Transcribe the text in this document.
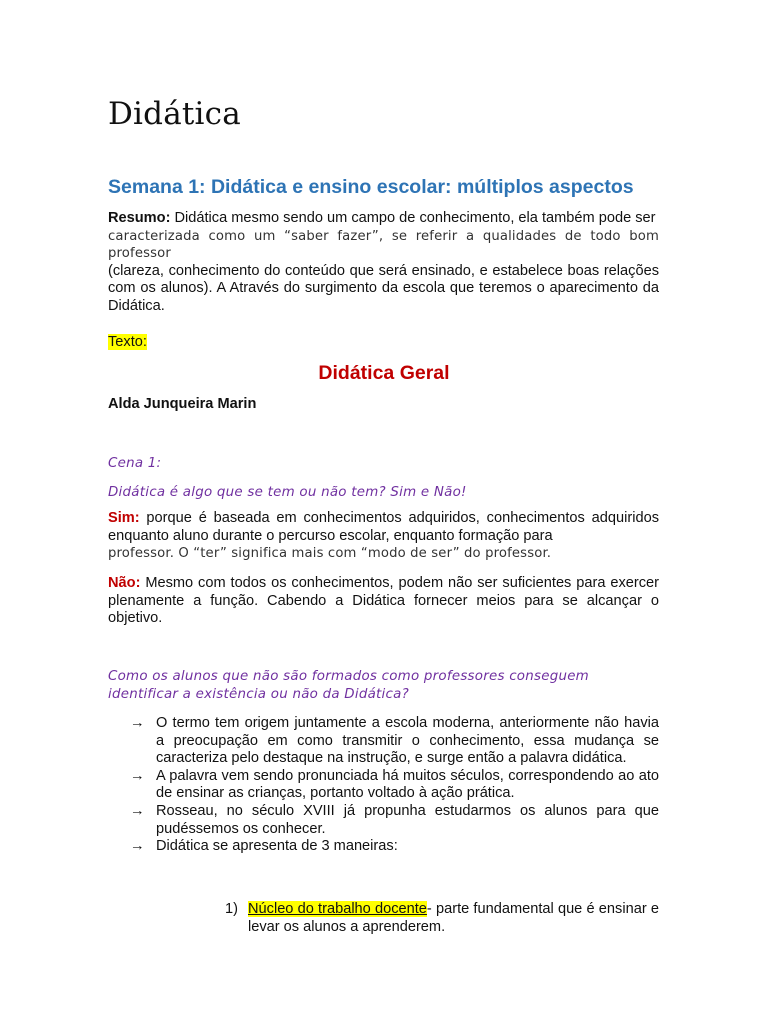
Didática
Semana 1: Didática e ensino escolar: múltiplos aspectos

Resumo: Didática mesmo sendo um campo de conhecimento, ela também pode ser
caracterizada como um “saber fazer”, se referir a qualidades de todo bom professor
(clareza, conhecimento do conteúdo que será ensinado, e estabelece boas relações com os alunos). A Através do surgimento da escola que teremos o aparecimento da Didática.

Texto:
Didática Geral

Alda Junqueira Marin

Cena 1:

Didática é algo que se tem ou não tem? Sim e Não!

Sim: porque é baseada em conhecimentos adquiridos, conhecimentos adquiridos enquanto aluno durante o percurso escolar, enquanto formação para
professor. O “ter” significa mais com “modo de ser” do professor.

Não: Mesmo com todos os conhecimentos, podem não ser suficientes para exercer plenamente a função. Cabendo a Didática fornecer meios para se alcançar o objetivo.

Como os alunos que não são formados como professores conseguem identificar a existência ou não da Didática?

→ O termo tem origem juntamente a escola moderna, anteriormente não havia a preocupação em como transmitir o conhecimento, essa mudança se caracteriza pelo destaque na instrução, e surge então a palavra didática.
→ A palavra vem sendo pronunciada há muitos séculos, correspondendo ao ato de ensinar as crianças, portanto voltado à ação prática.
→ Rosseau, no século XVIII já propunha estudarmos os alunos para que pudéssemos os conhecer.
→ Didática se apresenta de 3 maneiras:
1) Núcleo do trabalho docente- parte fundamental que é ensinar e levar os alunos a aprenderem.
